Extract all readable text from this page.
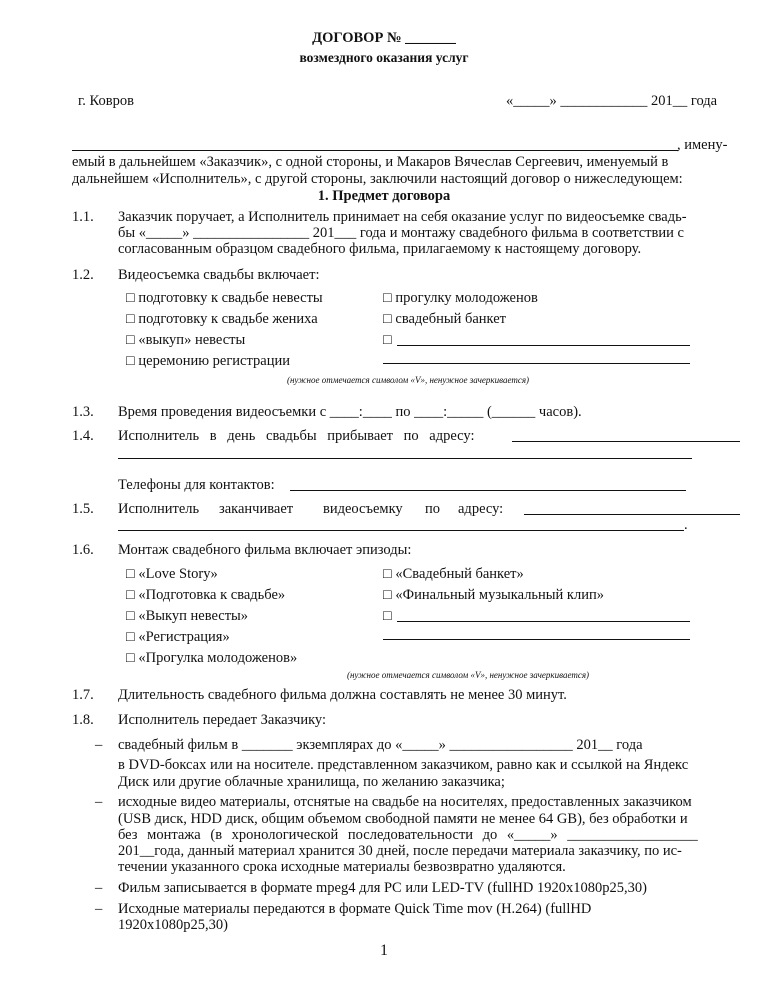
ДОГОВОР № _______
возмездного оказания услуг
г. Ковров	«_____» ____________ 201__ года
, имену-
емый в дальнейшем «Заказчик», с одной стороны, и Макаров Вячеслав Сергеевич, именуемый в
дальнейшем «Исполнитель», с другой стороны, заключили настоящий договор о нижеследующем:
1. Предмет договора
1.1. Заказчик поручает, а Исполнитель принимает на себя оказание услуг по видеосъемке свадь-
бы «_____» ________________ 201___ года и монтажу свадебного фильма в соответствии с
согласованным образцом свадебного фильма, прилагаемому к настоящему договору.
1.2. Видеосъемка свадьбы включает:
□ подготовку к свадьбе невесты
□ подготовку к свадьбе жениха
□ «выкуп» невесты
□ церемонию регистрации
□ прогулку молодоженов
□ свадебный банкет
□
(нужное отмечается символом «V», ненужное зачеркивается)
1.3. Время проведения видеосъемки с ____:____ по ____:_____ (______ часов).
1.4. Исполнитель в день свадьбы прибывает по адресу:
Телефоны для контактов:
1.5. Исполнитель заканчивает видеосъемку по адресу:
.
1.6. Монтаж свадебного фильма включает эпизоды:
□ «Love Story»
□ «Подготовка к свадьбе»
□ «Выкуп невесты»
□ «Регистрация»
□ «Прогулка молодоженов»
□ «Свадебный банкет»
□ «Финальный музыкальный клип»
□
(нужное отмечается символом «V», ненужное зачеркивается)
1.7. Длительность свадебного фильма должна составлять не менее 30 минут.
1.8. Исполнитель передает Заказчику:
– свадебный фильм в _______ экземплярах до «_____» _________________ 201__ года
в DVD-боксах или на носителе. представленном заказчиком, равно как и ссылкой на Яндекс
Диск или другие облачные хранилища, по желанию заказчика;
– исходные видео материалы, отснятые на свадьбе на носителях, предоставленных заказчиком
(USB диск, HDD диск, общим объемом свободной памяти не менее 64 GB), без обработки и
без монтажа (в хронологической последовательности до «_____» __________________
201__года, данный материал хранится 30 дней, после передачи материала заказчику, по ис-
течении указанного срока исходные материалы безвозвратно удаляются.
– Фильм записывается в формате mpeg4 для PC или LED-TV (fullHD 1920x1080p25,30)
– Исходные материалы передаются в формате Quick Time mov (H.264) (fullHD
1920x1080p25,30)
1
